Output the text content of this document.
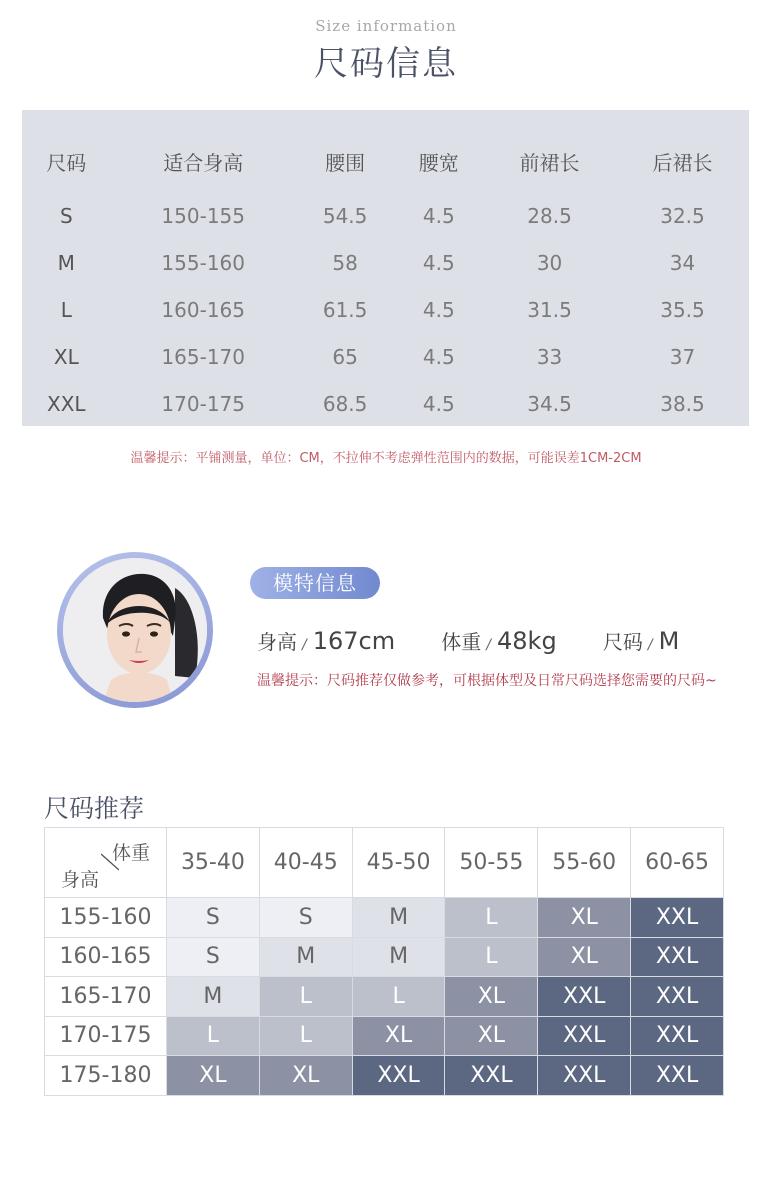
Size information
尺码信息
尺码	适合身高	腰围	腰宽	前裙长	后裙长
S	150-155	54.5	4.5	28.5	32.5
M	155-160	58	4.5	30	34
L	160-165	61.5	4.5	31.5	35.5
XL	165-170	65	4.5	33	37
XXL	170-175	68.5	4.5	34.5	38.5
温馨提示：平铺测量，单位：CM，不拉伸不考虑弹性范围内的数据，可能误差1CM-2CM
模特信息
身高 / 167cm 体重 / 48kg 尺码 / M
温馨提示：尺码推荐仅做参考，可根据体型及日常尺码选择您需要的尺码~
尺码推荐
体重
身高	35-40	40-45	45-50	50-55	55-60	60-65
155-160	S	S	M	L	XL	XXL
160-165	S	M	M	L	XL	XXL
165-170	M	L	L	XL	XXL	XXL
170-175	L	L	XL	XL	XXL	XXL
175-180	XL	XL	XXL	XXL	XXL	XXL
